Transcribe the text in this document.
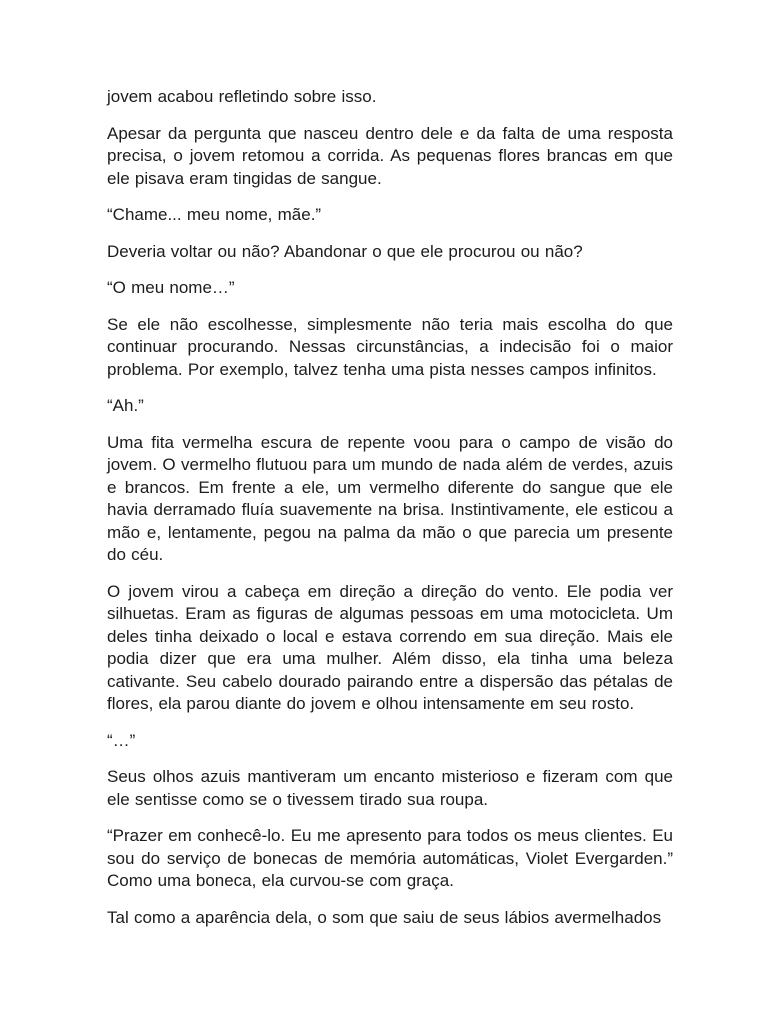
jovem acabou refletindo sobre isso.

Apesar da pergunta que nasceu dentro dele e da falta de uma resposta precisa, o jovem retomou a corrida. As pequenas flores brancas em que ele pisava eram tingidas de sangue.

“Chame... meu nome, mãe.”

Deveria voltar ou não? Abandonar o que ele procurou ou não?

“O meu nome…”

Se ele não escolhesse, simplesmente não teria mais escolha do que continuar procurando. Nessas circunstâncias, a indecisão foi o maior problema. Por exemplo, talvez tenha uma pista nesses campos infinitos.

“Ah.”

Uma fita vermelha escura de repente voou para o campo de visão do jovem. O vermelho flutuou para um mundo de nada além de verdes, azuis e brancos. Em frente a ele, um vermelho diferente do sangue que ele havia derramado fluía suavemente na brisa. Instintivamente, ele esticou a mão e, lentamente, pegou na palma da mão o que parecia um presente do céu.

O jovem virou a cabeça em direção a direção do vento. Ele podia ver silhuetas. Eram as figuras de algumas pessoas em uma motocicleta. Um deles tinha deixado o local e estava correndo em sua direção. Mais ele podia dizer que era uma mulher. Além disso, ela tinha uma beleza cativante. Seu cabelo dourado pairando entre a dispersão das pétalas de flores, ela parou diante do jovem e olhou intensamente em seu rosto.

“…”

Seus olhos azuis mantiveram um encanto misterioso e fizeram com que ele sentisse como se o tivessem tirado sua roupa.

“Prazer em conhecê-lo. Eu me apresento para todos os meus clientes. Eu sou do serviço de bonecas de memória automáticas, Violet Evergarden.” Como uma boneca, ela curvou-se com graça.

Tal como a aparência dela, o som que saiu de seus lábios avermelhados
